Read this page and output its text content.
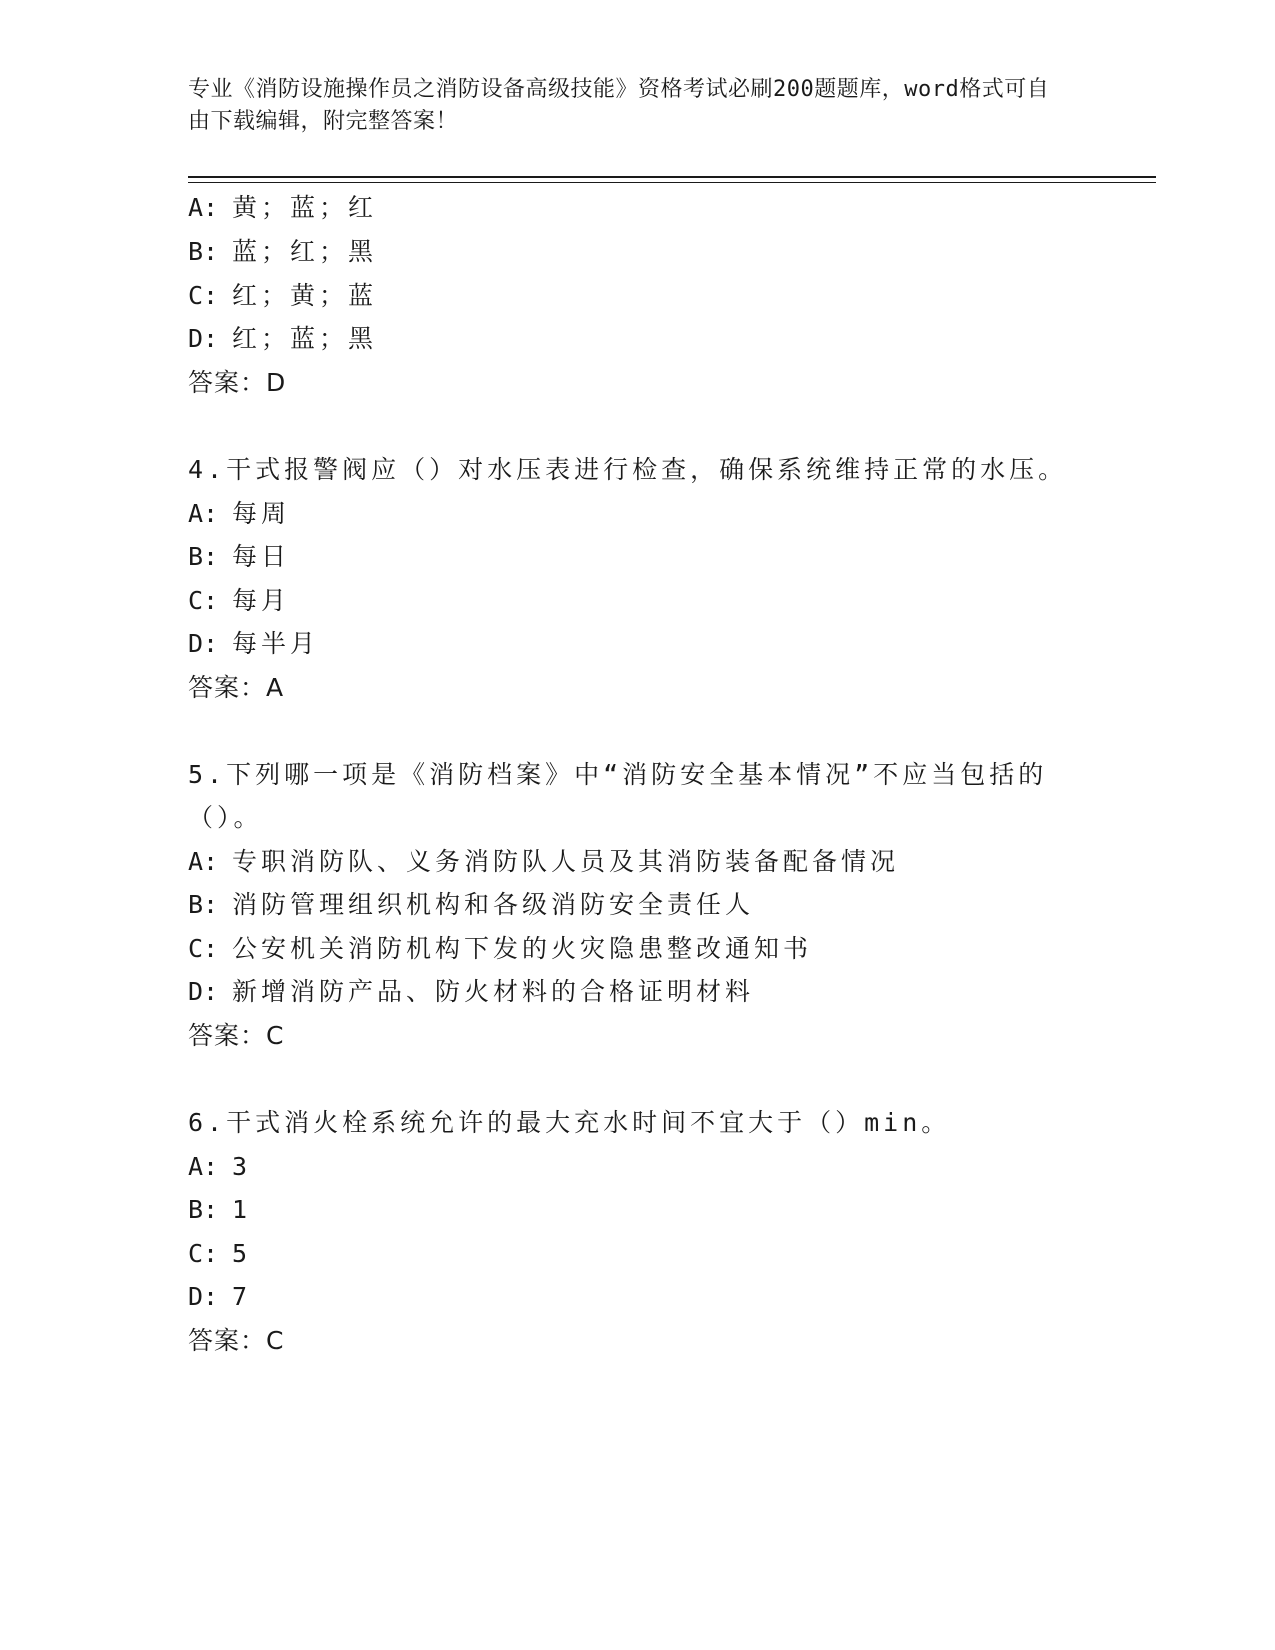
专业《消防设施操作员之消防设备高级技能》资格考试必刷200题题库，word格式可自由下载编辑，附完整答案！
A: 黄；蓝；红
B: 蓝；红；黑
C: 红；黄；蓝
D: 红；蓝；黑
答案：D
4.干式报警阀应（）对水压表进行检查，确保系统维持正常的水压。
A: 每周
B: 每日
C: 每月
D: 每半月
答案：A
5.下列哪一项是《消防档案》中“消防安全基本情况”不应当包括的
（）。
A: 专职消防队、义务消防队人员及其消防装备配备情况
B: 消防管理组织机构和各级消防安全责任人
C: 公安机关消防机构下发的火灾隐患整改通知书
D: 新增消防产品、防火材料的合格证明材料
答案：C
6.干式消火栓系统允许的最大充水时间不宜大于（）min。
A: 3
B: 1
C: 5
D: 7
答案：C
